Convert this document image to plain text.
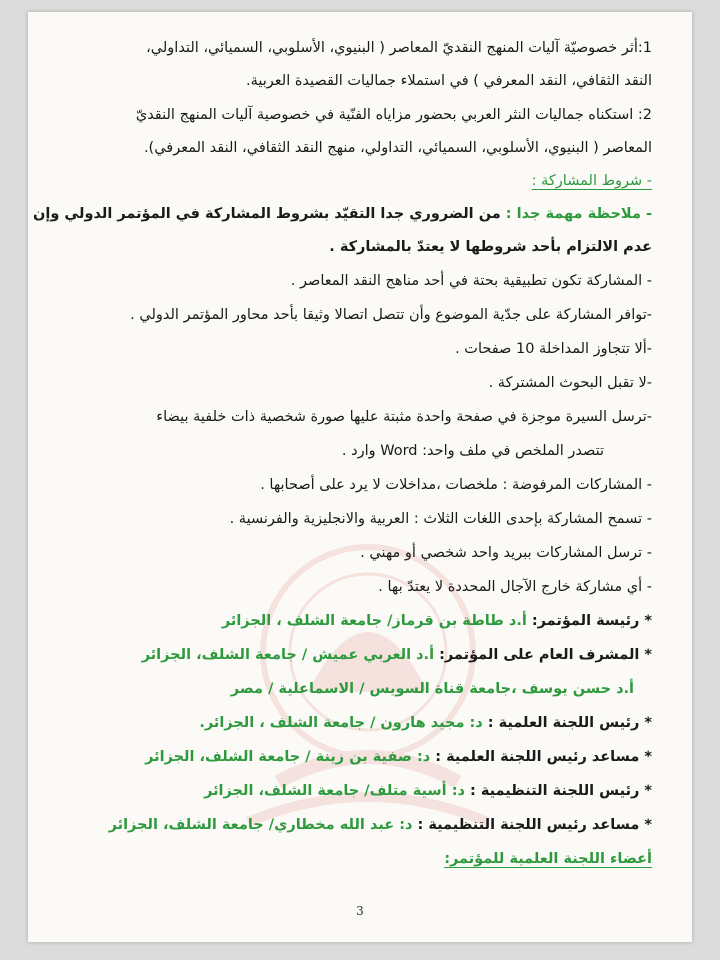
1:أثر خصوصيّة آليات المنهج النقديّ المعاصر ( البنيوي، الأسلوبي، السميائي، التداولي،
النقد الثقافي، النقد المعرفي ) في استملاء جماليات القصيدة العربية.
2: استكناه جماليات النثر العربي بحضور مزاياه الفنّية في خصوصية آليات المنهج النقديّ
المعاصر ( البنيوي، الأسلوبي، السميائي، التداولي، منهج النقد الثقافي، النقد المعرفي).
- شروط المشاركة :
- ملاحظة مهمة جدا : من الضروري جدا التقيّد بشروط المشاركة في المؤتمر الدولي وإن
عدم الالتزام بأحد شروطها لا يعتدّ بالمشاركة .
- المشاركة تكون تطبيقية بحتة في أحد مناهج النقد المعاصر .
-توافر المشاركة على جدّية الموضوع وأن تتصل اتصالا وثيقا بأحد محاور المؤتمر الدولي .
-ألا تتجاوز المداخلة 10 صفحات .
-لا تقبل البحوث المشتركة .
-ترسل السيرة موجزة في صفحة واحدة مثبتة عليها صورة شخصية ذات خلفية بيضاء
تتصدر الملخص في ملف واحد: Word وارد .
- المشاركات المرفوضة : ملخصات ،مداخلات لا يرد على أصحابها .
- تسمح المشاركة بإحدى اللغات الثلاث : العربية والانجليزية والفرنسية .
- ترسل المشاركات ببريد واحد شخصي أو مهني .
- أي مشاركة خارج الآجال المحددة لا يعتدّ بها .
* رئيسة المؤتمر: أ.د طاطة بن قرماز/ جامعة الشلف ، الجزائر
* المشرف العام على المؤتمر: أ.د العربي عميش / جامعة الشلف، الجزائر
أ.د حسن يوسف ،جامعة قناة السويس / الاسماعلية / مصر
* رئيس اللجنة العلمية : د: مجيد هارون / جامعة الشلف ، الجزائر.
* مساعد رئيس اللجنة العلمية : د: صفية بن زينة / جامعة الشلف، الجزائر
* رئيس اللجنة التنظيمية : د: أسية متلف/ جامعة الشلف، الجزائر
* مساعد رئيس اللجنة التنظيمية : د: عبد الله مخطاري/ جامعة الشلف، الجزائر
أعضاء اللجنة العلمية للمؤتمر:
3
